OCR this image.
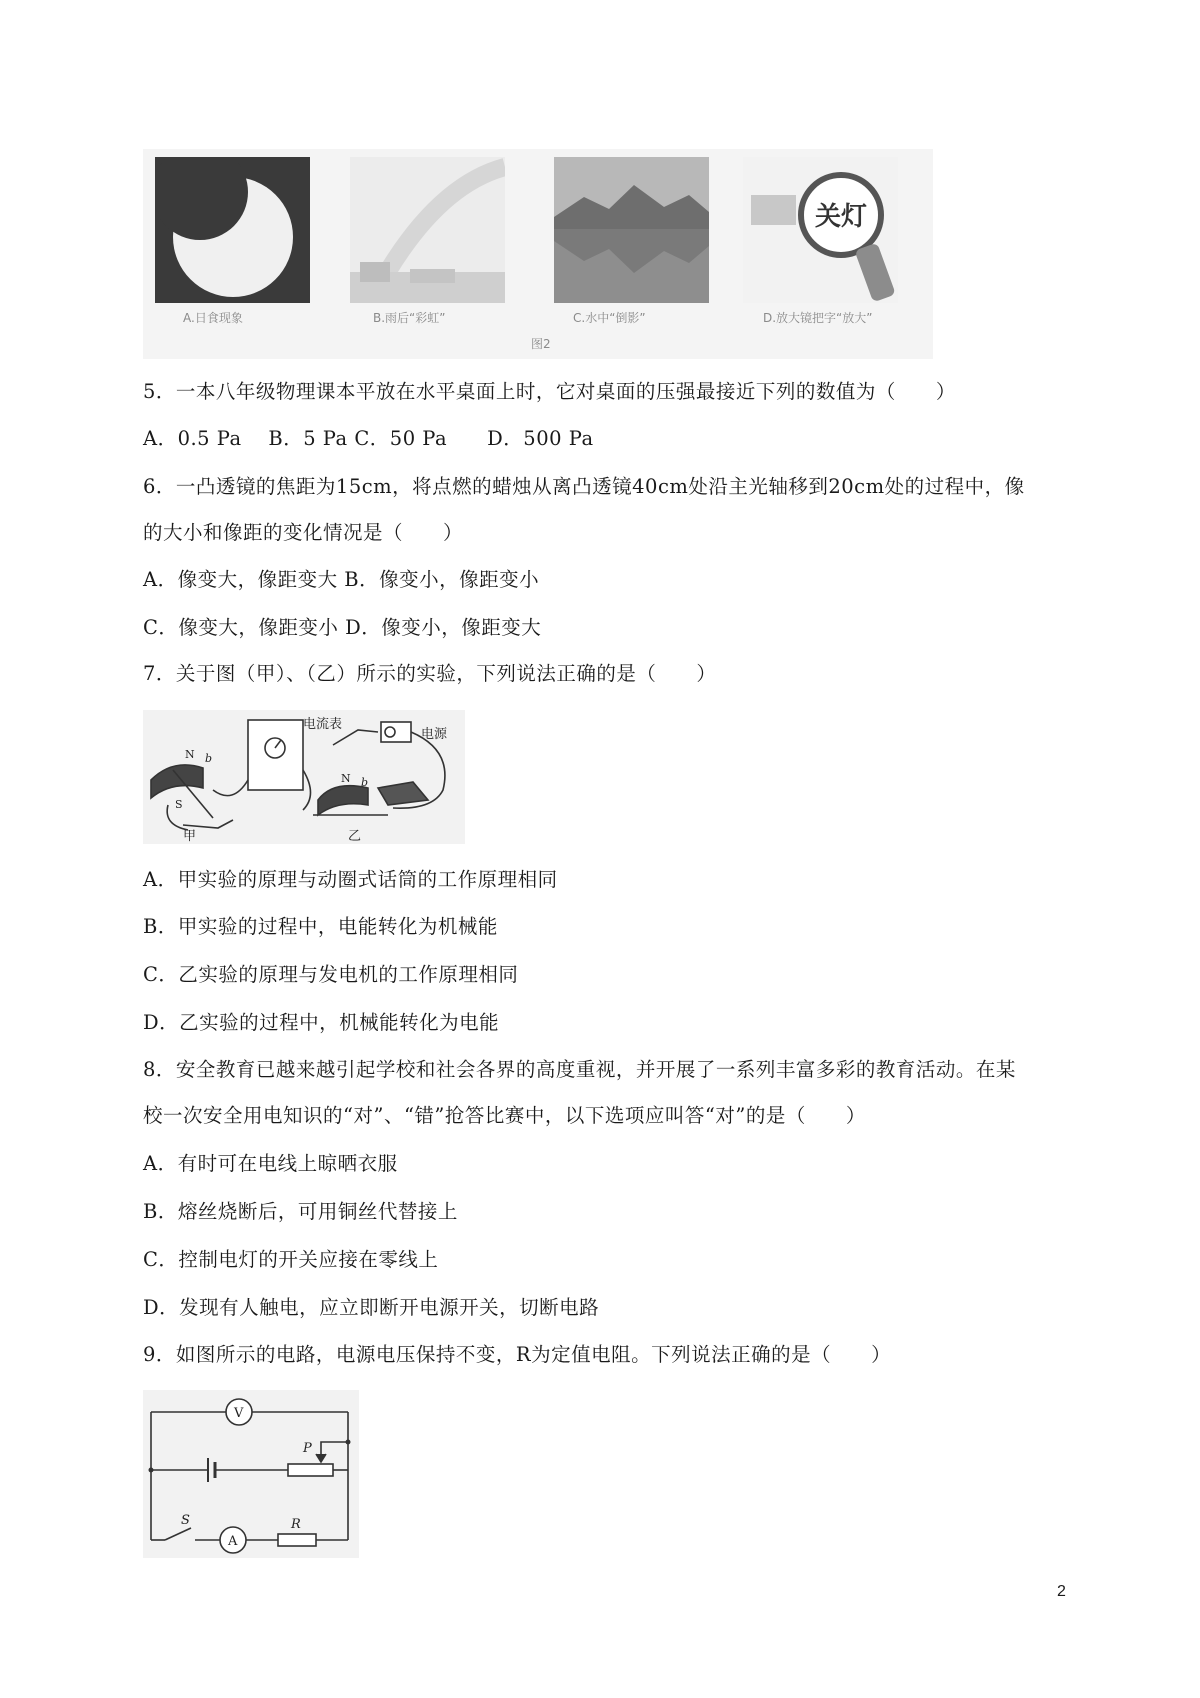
关灯
A.日食现象	B.雨后“彩虹”	C.水中“倒影”	D.放大镜把字“放大”
图2
5．一本八年级物理课本平放在水平桌面上时，它对桌面的压强最接近下列的数值为（　　）
A．0.5 Pa　 B．5 Pa C．50 Pa　　D．500 Pa
6．一凸透镜的焦距为15cm，将点燃的蜡烛从离凸透镜40cm处沿主光轴移到20cm处的过程中，像
的大小和像距的变化情况是（　　）
A．像变大，像距变大 B．像变小，像距变小
C．像变大，像距变小 D．像变小，像距变大
7．关于图（甲）、（乙）所示的实验，下列说法正确的是（　　）
电流表
电源
N
S
b
N b
甲	乙
A．甲实验的原理与动圈式话筒的工作原理相同
B．甲实验的过程中，电能转化为机械能
C．乙实验的原理与发电机的工作原理相同
D．乙实验的过程中，机械能转化为电能
8．安全教育已越来越引起学校和社会各界的高度重视，并开展了一系列丰富多彩的教育活动。在某
校一次安全用电知识的“对”、“错”抢答比赛中，以下选项应叫答“对”的是（　　）
A．有时可在电线上晾晒衣服
B．熔丝烧断后，可用铜丝代替接上
C．控制电灯的开关应接在零线上
D．发现有人触电，应立即断开电源开关，切断电路
9．如图所示的电路，电源电压保持不变，R为定值电阻。下列说法正确的是（　　）
V
A
P
S	R
2
